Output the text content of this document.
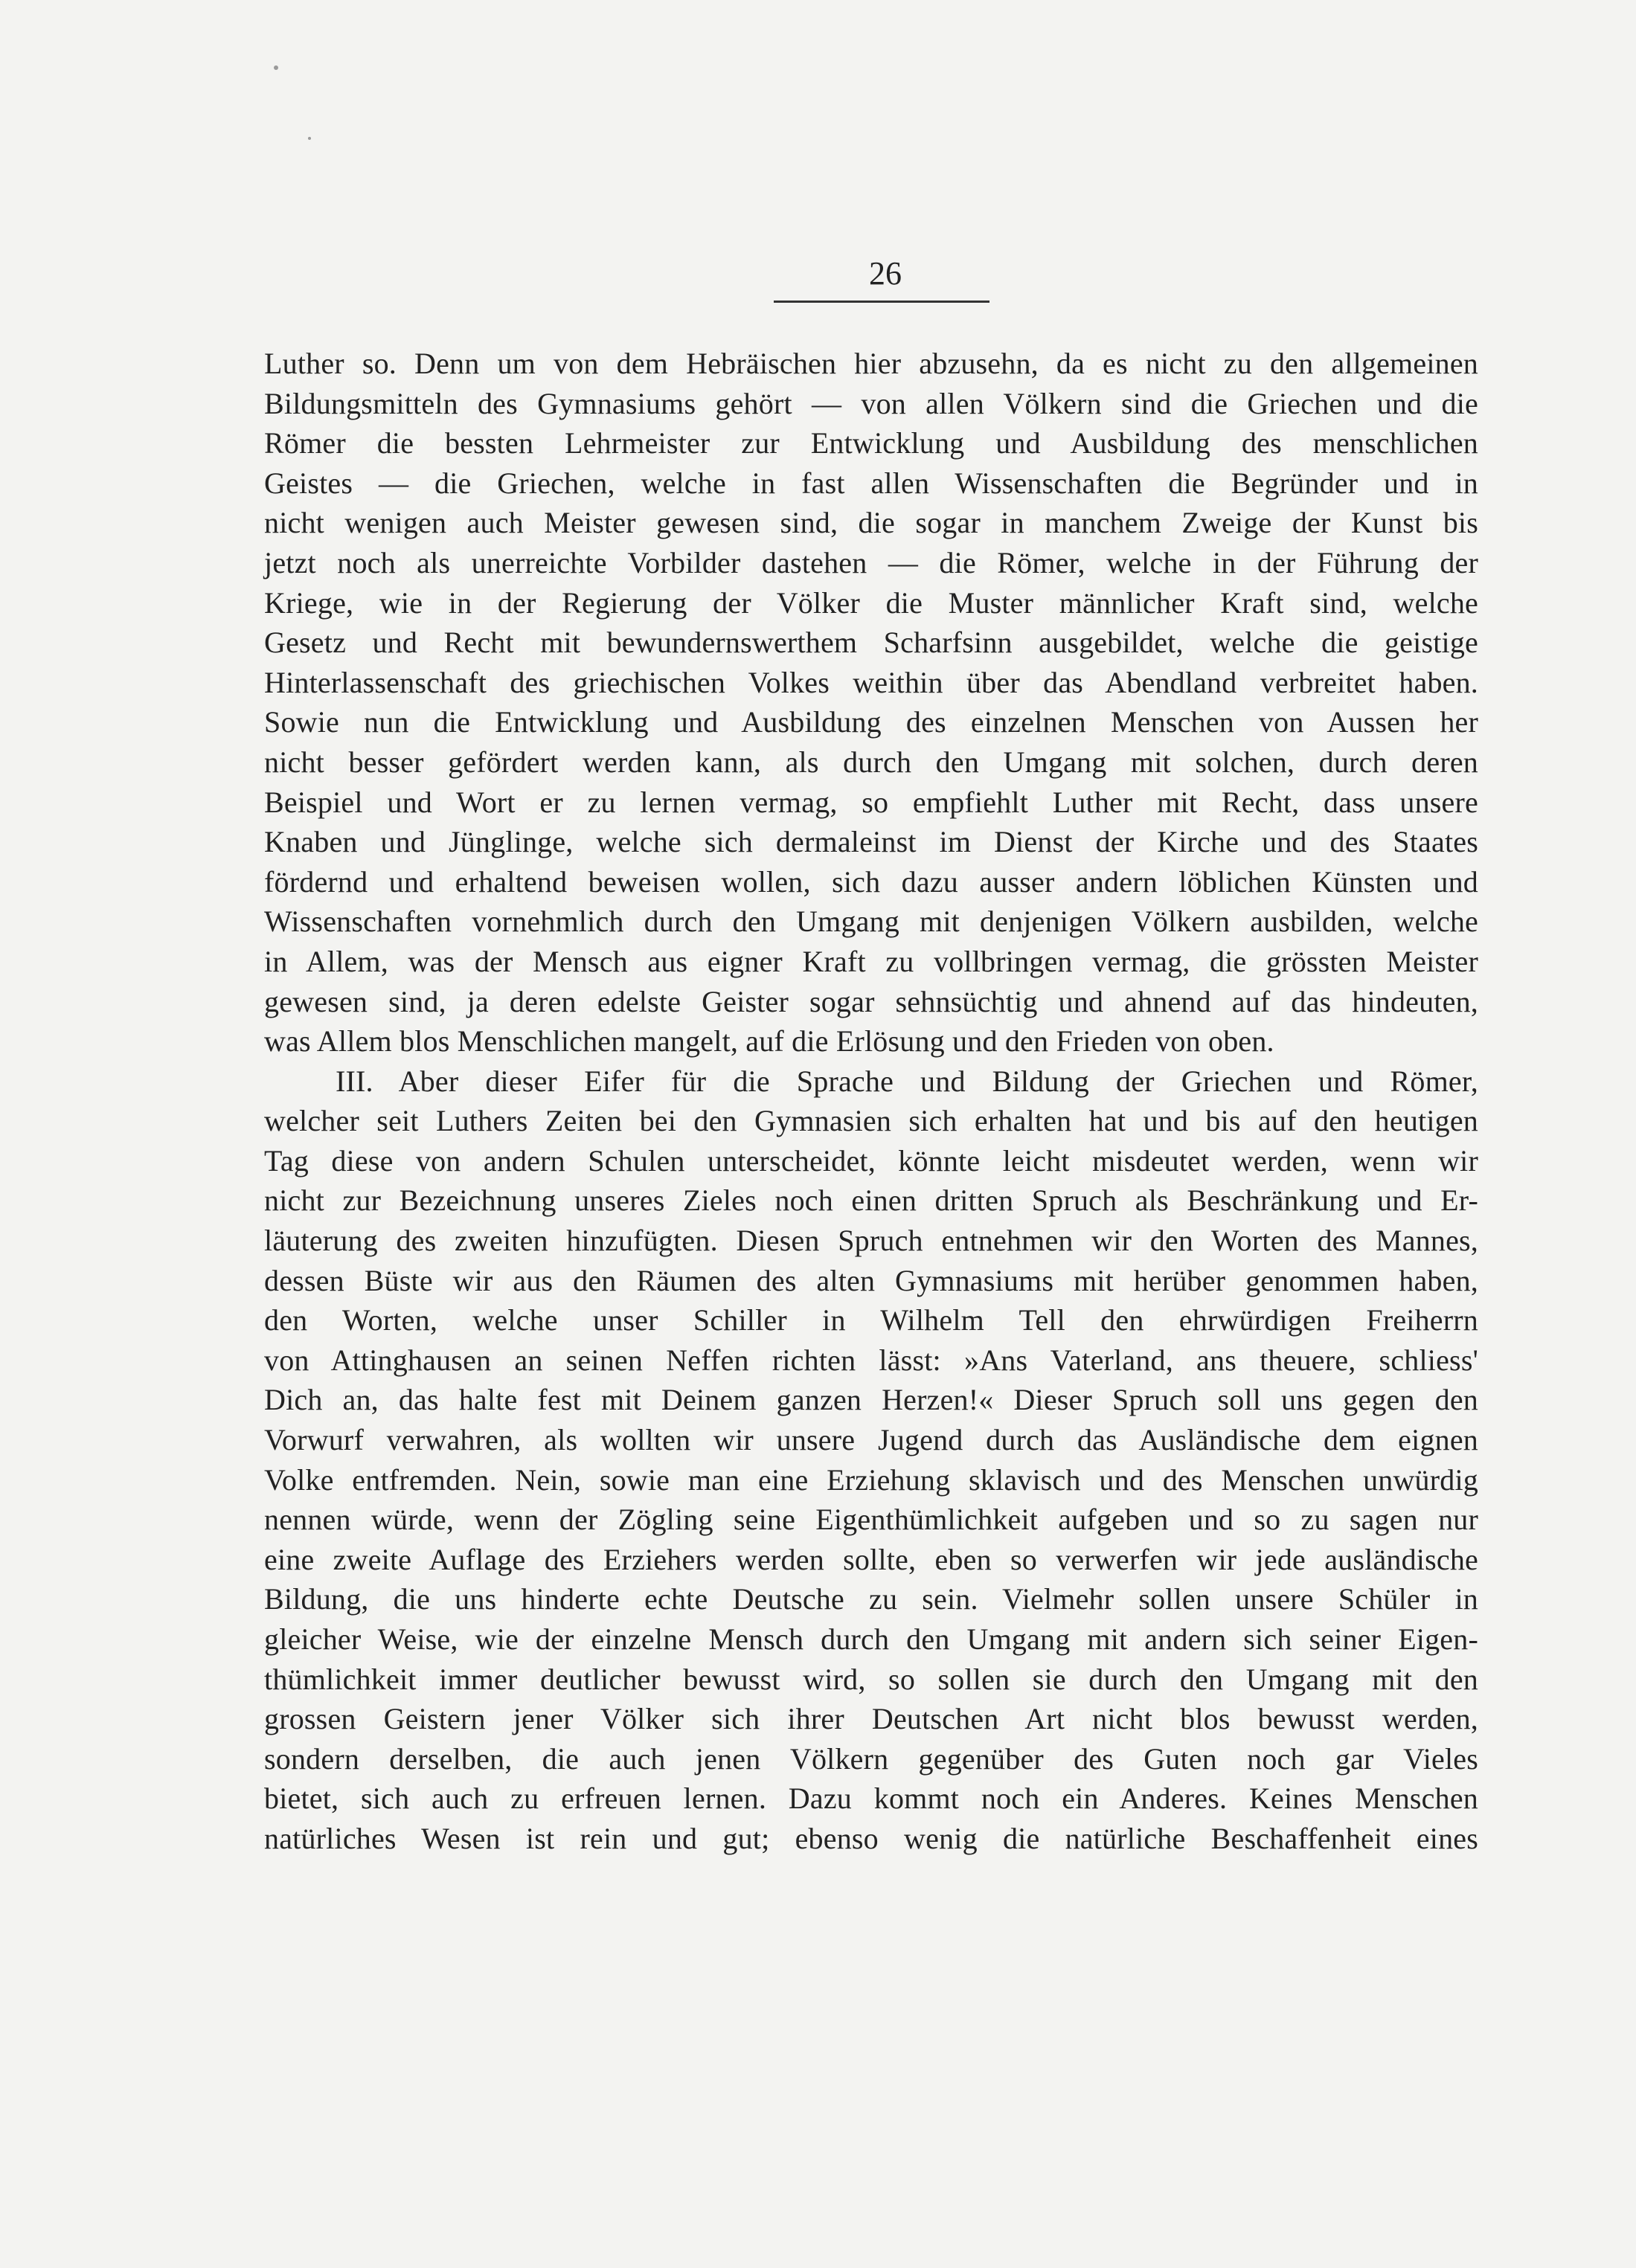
26
Luther so. Denn um von dem Hebräischen hier abzusehn, da es nicht zu den allgemeinen
Bildungsmitteln des Gymnasiums gehört — von allen Völkern sind die Griechen und die
Römer die bessten Lehrmeister zur Entwicklung und Ausbildung des menschlichen
Geistes — die Griechen, welche in fast allen Wissenschaften die Begründer und in
nicht wenigen auch Meister gewesen sind, die sogar in manchem Zweige der Kunst bis
jetzt noch als unerreichte Vorbilder dastehen — die Römer, welche in der Führung der
Kriege, wie in der Regierung der Völker die Muster männlicher Kraft sind, welche
Gesetz und Recht mit bewundernswerthem Scharfsinn ausgebildet, welche die geistige
Hinterlassenschaft des griechischen Volkes weithin über das Abendland verbreitet haben.
Sowie nun die Entwicklung und Ausbildung des einzelnen Menschen von Aussen her
nicht besser gefördert werden kann, als durch den Umgang mit solchen, durch deren
Beispiel und Wort er zu lernen vermag, so empfiehlt Luther mit Recht, dass unsere
Knaben und Jünglinge, welche sich dermaleinst im Dienst der Kirche und des Staates
fördernd und erhaltend beweisen wollen, sich dazu ausser andern löblichen Künsten und
Wissenschaften vornehmlich durch den Umgang mit denjenigen Völkern ausbilden, welche
in Allem, was der Mensch aus eigner Kraft zu vollbringen vermag, die grössten Meister
gewesen sind, ja deren edelste Geister sogar sehnsüchtig und ahnend auf das hindeuten,
was Allem blos Menschlichen mangelt, auf die Erlösung und den Frieden von oben.
III. Aber dieser Eifer für die Sprache und Bildung der Griechen und Römer,
welcher seit Luthers Zeiten bei den Gymnasien sich erhalten hat und bis auf den heutigen
Tag diese von andern Schulen unterscheidet, könnte leicht misdeutet werden, wenn wir
nicht zur Bezeichnung unseres Zieles noch einen dritten Spruch als Beschränkung und Er-
läuterung des zweiten hinzufügten. Diesen Spruch entnehmen wir den Worten des Mannes,
dessen Büste wir aus den Räumen des alten Gymnasiums mit herüber genommen haben,
den Worten, welche unser Schiller in Wilhelm Tell den ehrwürdigen Freiherrn
von Attinghausen an seinen Neffen richten lässt: »Ans Vaterland, ans theuere, schliess'
Dich an, das halte fest mit Deinem ganzen Herzen!« Dieser Spruch soll uns gegen den
Vorwurf verwahren, als wollten wir unsere Jugend durch das Ausländische dem eignen
Volke entfremden. Nein, sowie man eine Erziehung sklavisch und des Menschen unwürdig
nennen würde, wenn der Zögling seine Eigenthümlichkeit aufgeben und so zu sagen nur
eine zweite Auflage des Erziehers werden sollte, eben so verwerfen wir jede ausländische
Bildung, die uns hinderte echte Deutsche zu sein. Vielmehr sollen unsere Schüler in
gleicher Weise, wie der einzelne Mensch durch den Umgang mit andern sich seiner Eigen-
thümlichkeit immer deutlicher bewusst wird, so sollen sie durch den Umgang mit den
grossen Geistern jener Völker sich ihrer Deutschen Art nicht blos bewusst werden,
sondern derselben, die auch jenen Völkern gegenüber des Guten noch gar Vieles
bietet, sich auch zu erfreuen lernen. Dazu kommt noch ein Anderes. Keines Menschen
natürliches Wesen ist rein und gut; ebenso wenig die natürliche Beschaffenheit eines
